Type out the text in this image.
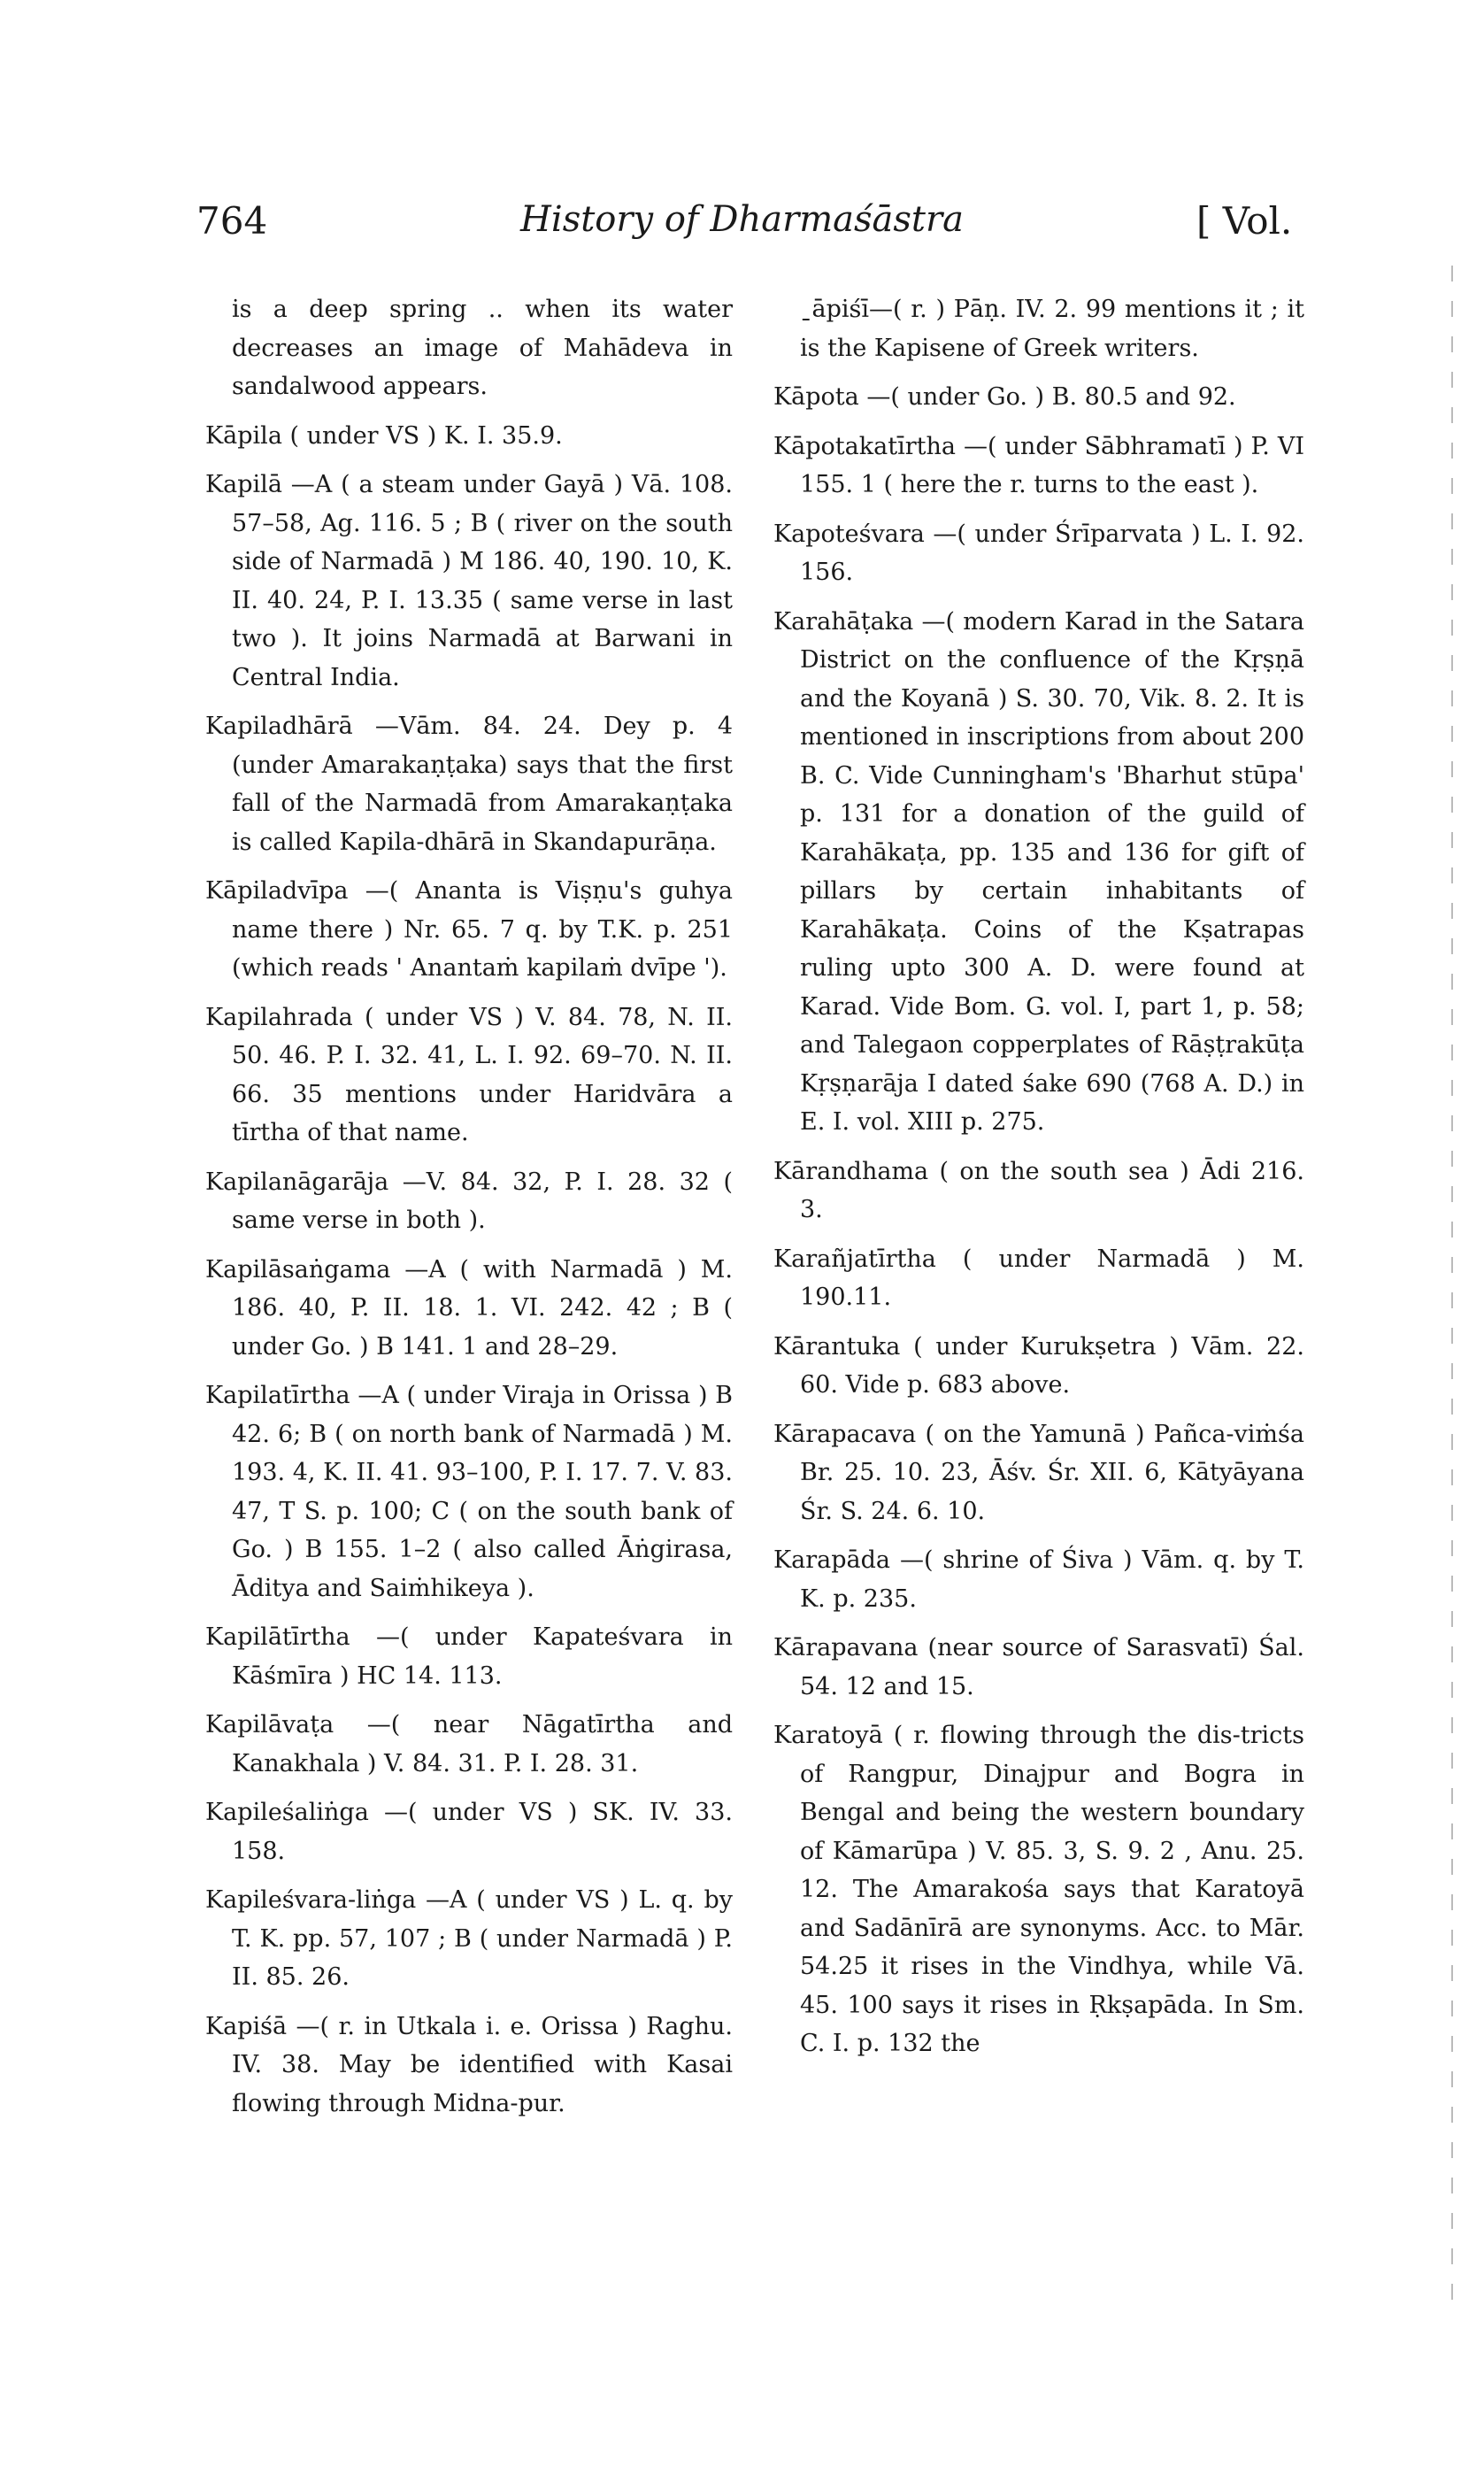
764	History of Dharmaśāstra	[ Vol.

is a deep spring .. when its water decreases an image of Mahādeva in sandalwood appears.

Kāpila ( under VS ) K. I. 35.9.

Kapilā —A ( a steam under Gayā ) Vā. 108. 57–58, Ag. 116. 5 ; B ( river on the south side of Narmadā ) M 186. 40, 190. 10, K. II. 40. 24, P. I. 13.35 ( same verse in last two ). It joins Narmadā at Barwani in Central India.

Kapiladhārā —Vām. 84. 24. Dey p. 4 (under Amarakaṇṭaka) says that the first fall of the Narmadā from Amarakaṇṭaka is called Kapila-dhārā in Skandapurāṇa.

Kāpiladvīpa —( Ananta is Viṣṇu's guhya name there ) Nr. 65. 7 q. by T.K. p. 251 (which reads ' Anantaṁ kapilaṁ dvīpe ').

Kapilahrada ( under VS ) V. 84. 78, N. II. 50. 46. P. I. 32. 41, L. I. 92. 69–70. N. II. 66. 35 mentions under Haridvāra a tīrtha of that name.

Kapilanāgarāja —V. 84. 32, P. I. 28. 32 ( same verse in both ).

Kapilāsaṅgama —A ( with Narmadā ) M. 186. 40, P. II. 18. 1. VI. 242. 42 ; B ( under Go. ) B 141. 1 and 28–29.

Kapilatīrtha —A ( under Viraja in Orissa ) B 42. 6; B ( on north bank of Narmadā ) M. 193. 4, K. II. 41. 93–100, P. I. 17. 7. V. 83. 47, T S. p. 100; C ( on the south bank of Go. ) B 155. 1–2 ( also called Āṅgirasa, Āditya and Saiṁhikeya ).

Kapilātīrtha —( under Kapateśvara in Kāśmīra ) HC 14. 113.

Kapilāvaṭa —( near Nāgatīrtha and Kanakhala ) V. 84. 31. P. I. 28. 31.

Kapileśaliṅga —( under VS ) SK. IV. 33. 158.

Kapileśvara-liṅga —A ( under VS ) L. q. by T. K. pp. 57, 107 ; B ( under Narmadā ) P. II. 85. 26.

Kapiśā —( r. in Utkala i. e. Orissa ) Raghu. IV. 38. May be identified with Kasai flowing through Midna-pur.

ˍāpiśī—( r. ) Pāṇ. IV. 2. 99 mentions it ; it is the Kapisene of Greek writers.

Kāpota —( under Go. ) B. 80.5 and 92.

Kāpotakatīrtha —( under Sābhramatī ) P. VI 155. 1 ( here the r. turns to the east ).

Kapoteśvara —( under Śrīparvata ) L. I. 92. 156.

Karahāṭaka —( modern Karad in the Satara District on the confluence of the Kṛṣṇā and the Koyanā ) S. 30. 70, Vik. 8. 2. It is mentioned in inscriptions from about 200 B. C. Vide Cunningham's 'Bharhut stūpa' p. 131 for a donation of the guild of Karahākaṭa, pp. 135 and 136 for gift of pillars by certain inhabitants of Karahākaṭa. Coins of the Kṣatrapas ruling upto 300 A. D. were found at Karad. Vide Bom. G. vol. I, part 1, p. 58; and Talegaon copperplates of Rāṣṭrakūṭa Kṛṣṇarāja I dated śake 690 (768 A. D.) in E. I. vol. XIII p. 275.

Kārandhama ( on the south sea ) Ādi 216. 3.

Karañjatīrtha ( under Narmadā ) M. 190.11.

Kārantuka ( under Kurukṣetra ) Vām. 22. 60. Vide p. 683 above.

Kārapacava ( on the Yamunā ) Pañca-viṁśa Br. 25. 10. 23, Āśv. Śr. XII. 6, Kātyāyana Śr. S. 24. 6. 10.

Karapāda —( shrine of Śiva ) Vām. q. by T. K. p. 235.

Kārapavana (near source of Sarasvatī) Śal. 54. 12 and 15.

Karatoyā ( r. flowing through the dis-tricts of Rangpur, Dinajpur and Bogra in Bengal and being the western boundary of Kāmarūpa ) V. 85. 3, S. 9. 2 , Anu. 25. 12. The Amarakośa says that Karatoyā and Sadānīrā are synonyms. Acc. to Mār. 54.25 it rises in the Vindhya, while Vā. 45. 100 says it rises in Ṛkṣapāda. In Sm. C. I. p. 132 the
